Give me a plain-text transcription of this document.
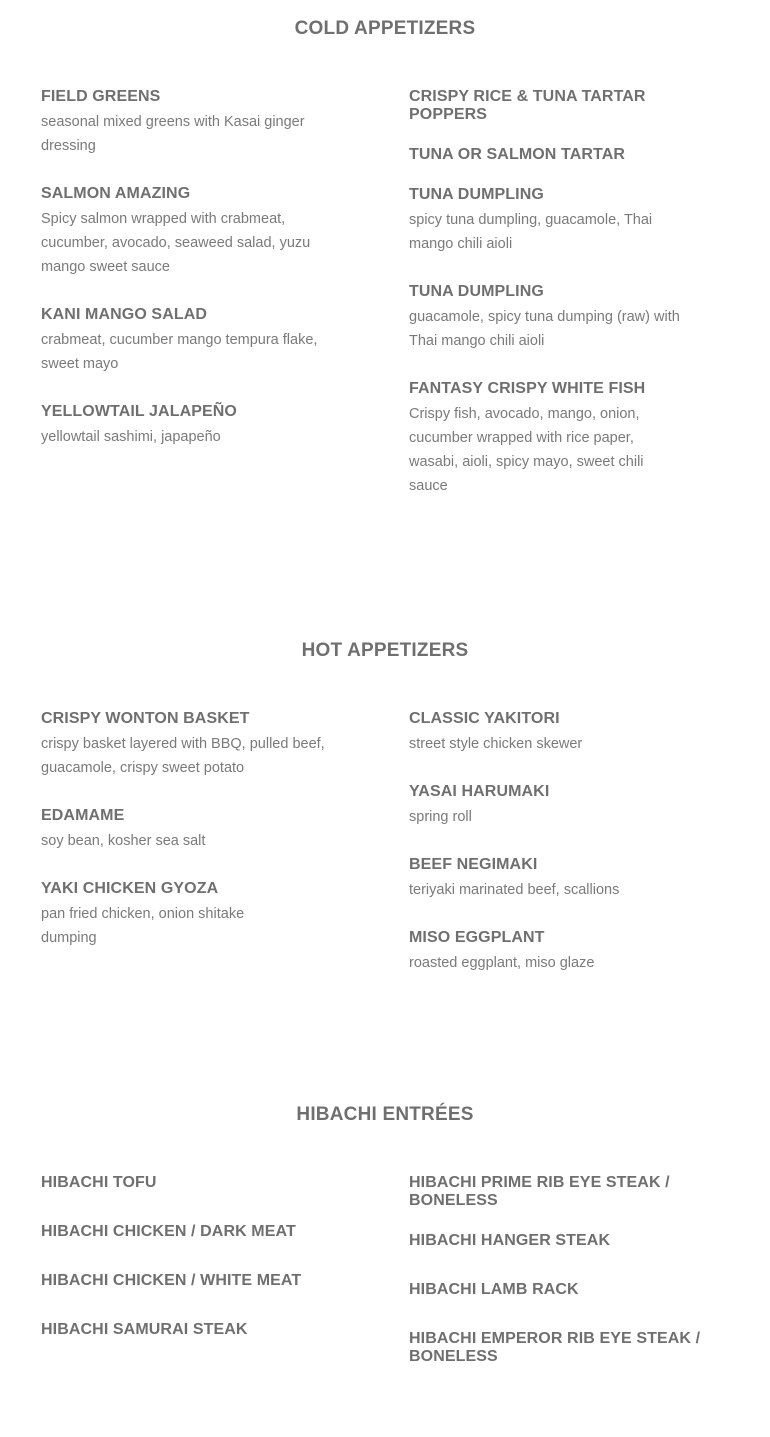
COLD APPETIZERS

FIELD GREENS

seasonal mixed greens with Kasai ginger dressing

SALMON AMAZING

Spicy salmon wrapped with crabmeat, cucumber, avocado, seaweed salad, yuzu mango sweet sauce

KANI MANGO SALAD

crabmeat, cucumber mango tempura flake, sweet mayo

YELLOWTAIL JALAPEÑO

yellowtail sashimi, japapeño

CRISPY RICE & TUNA TARTAR POPPERS

TUNA OR SALMON TARTAR

TUNA DUMPLING

spicy tuna dumpling, guacamole, Thai mango chili aioli

TUNA DUMPLING

guacamole, spicy tuna dumping (raw) with Thai mango chili aioli

FANTASY CRISPY WHITE FISH

Crispy fish, avocado, mango, onion, cucumber wrapped with rice paper, wasabi, aioli, spicy mayo, sweet chili sauce

HOT APPETIZERS

CRISPY WONTON BASKET

crispy basket layered with BBQ, pulled beef, guacamole, crispy sweet potato

EDAMAME

soy bean, kosher sea salt

YAKI CHICKEN GYOZA

pan fried chicken, onion shitake dumping

CLASSIC YAKITORI

street style chicken skewer

YASAI HARUMAKI

spring roll

BEEF NEGIMAKI

teriyaki marinated beef, scallions

MISO EGGPLANT

roasted eggplant, miso glaze

HIBACHI ENTRÉES

HIBACHI TOFU

HIBACHI CHICKEN / DARK MEAT

HIBACHI CHICKEN / WHITE MEAT

HIBACHI SAMURAI STEAK

HIBACHI PRIME RIB EYE STEAK / BONELESS

HIBACHI HANGER STEAK

HIBACHI LAMB RACK

HIBACHI EMPEROR RIB EYE STEAK / BONELESS
